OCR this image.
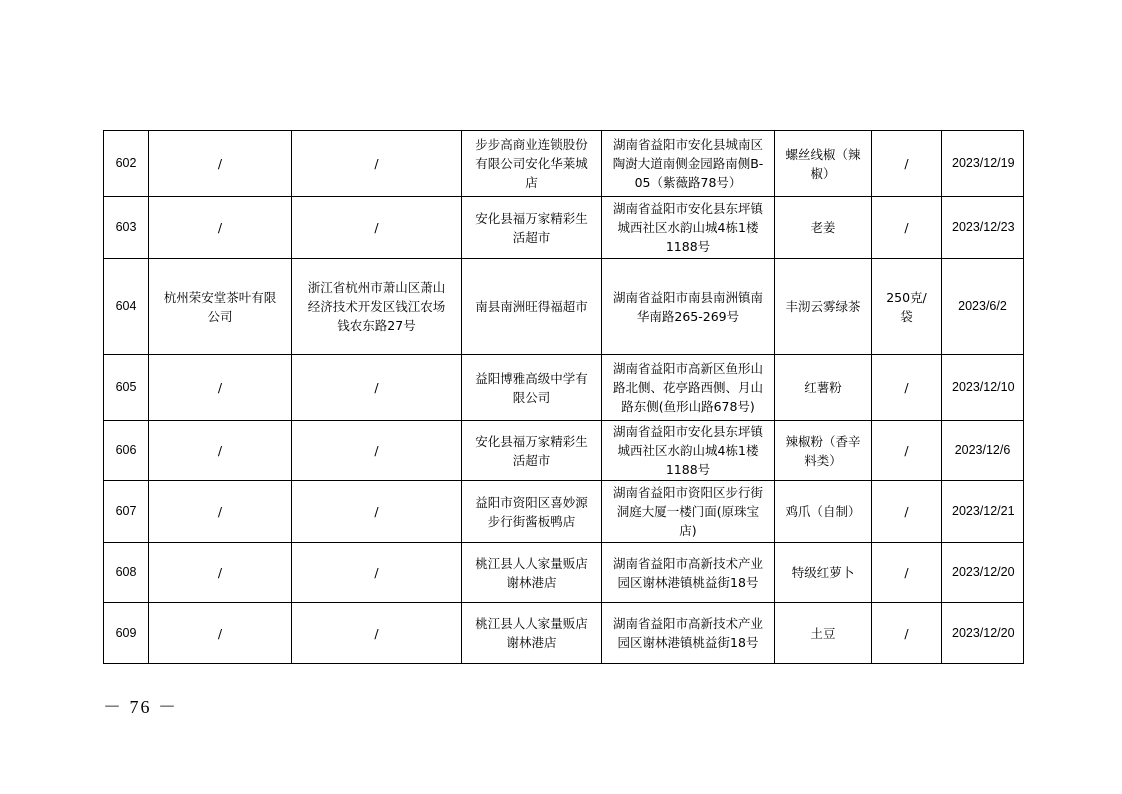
602	/	/	步步高商业连锁股份有限公司安化华莱城店	湖南省益阳市安化县城南区陶澍大道南侧金园路南侧B-05（紫薇路78号）	螺丝线椒（辣椒）	/	2023/12/19
603	/	/	安化县福万家精彩生活超市	湖南省益阳市安化县东坪镇城西社区水韵山城4栋1楼1188号	老姜	/	2023/12/23
604	杭州荣安堂茶叶有限公司	浙江省杭州市萧山区萧山经济技术开发区钱江农场钱农东路27号	南县南洲旺得福超市	湖南省益阳市南县南洲镇南华南路265-269号	丰沏云雾绿茶	250克/袋	2023/6/2
605	/	/	益阳博雅高级中学有限公司	湖南省益阳市高新区鱼形山路北侧、花亭路西侧、月山路东侧(鱼形山路678号)	红薯粉	/	2023/12/10
606	/	/	安化县福万家精彩生活超市	湖南省益阳市安化县东坪镇城西社区水韵山城4栋1楼1188号	辣椒粉（香辛料类）	/	2023/12/6
607	/	/	益阳市资阳区喜妙源步行街酱板鸭店	湖南省益阳市资阳区步行街洞庭大厦一楼门面(原珠宝店)	鸡爪（自制）	/	2023/12/21
608	/	/	桃江县人人家量贩店谢林港店	湖南省益阳市高新技术产业园区谢林港镇桃益街18号	特级红萝卜	/	2023/12/20
609	/	/	桃江县人人家量贩店谢林港店	湖南省益阳市高新技术产业园区谢林港镇桃益街18号	土豆	/	2023/12/20
－ 76 －
